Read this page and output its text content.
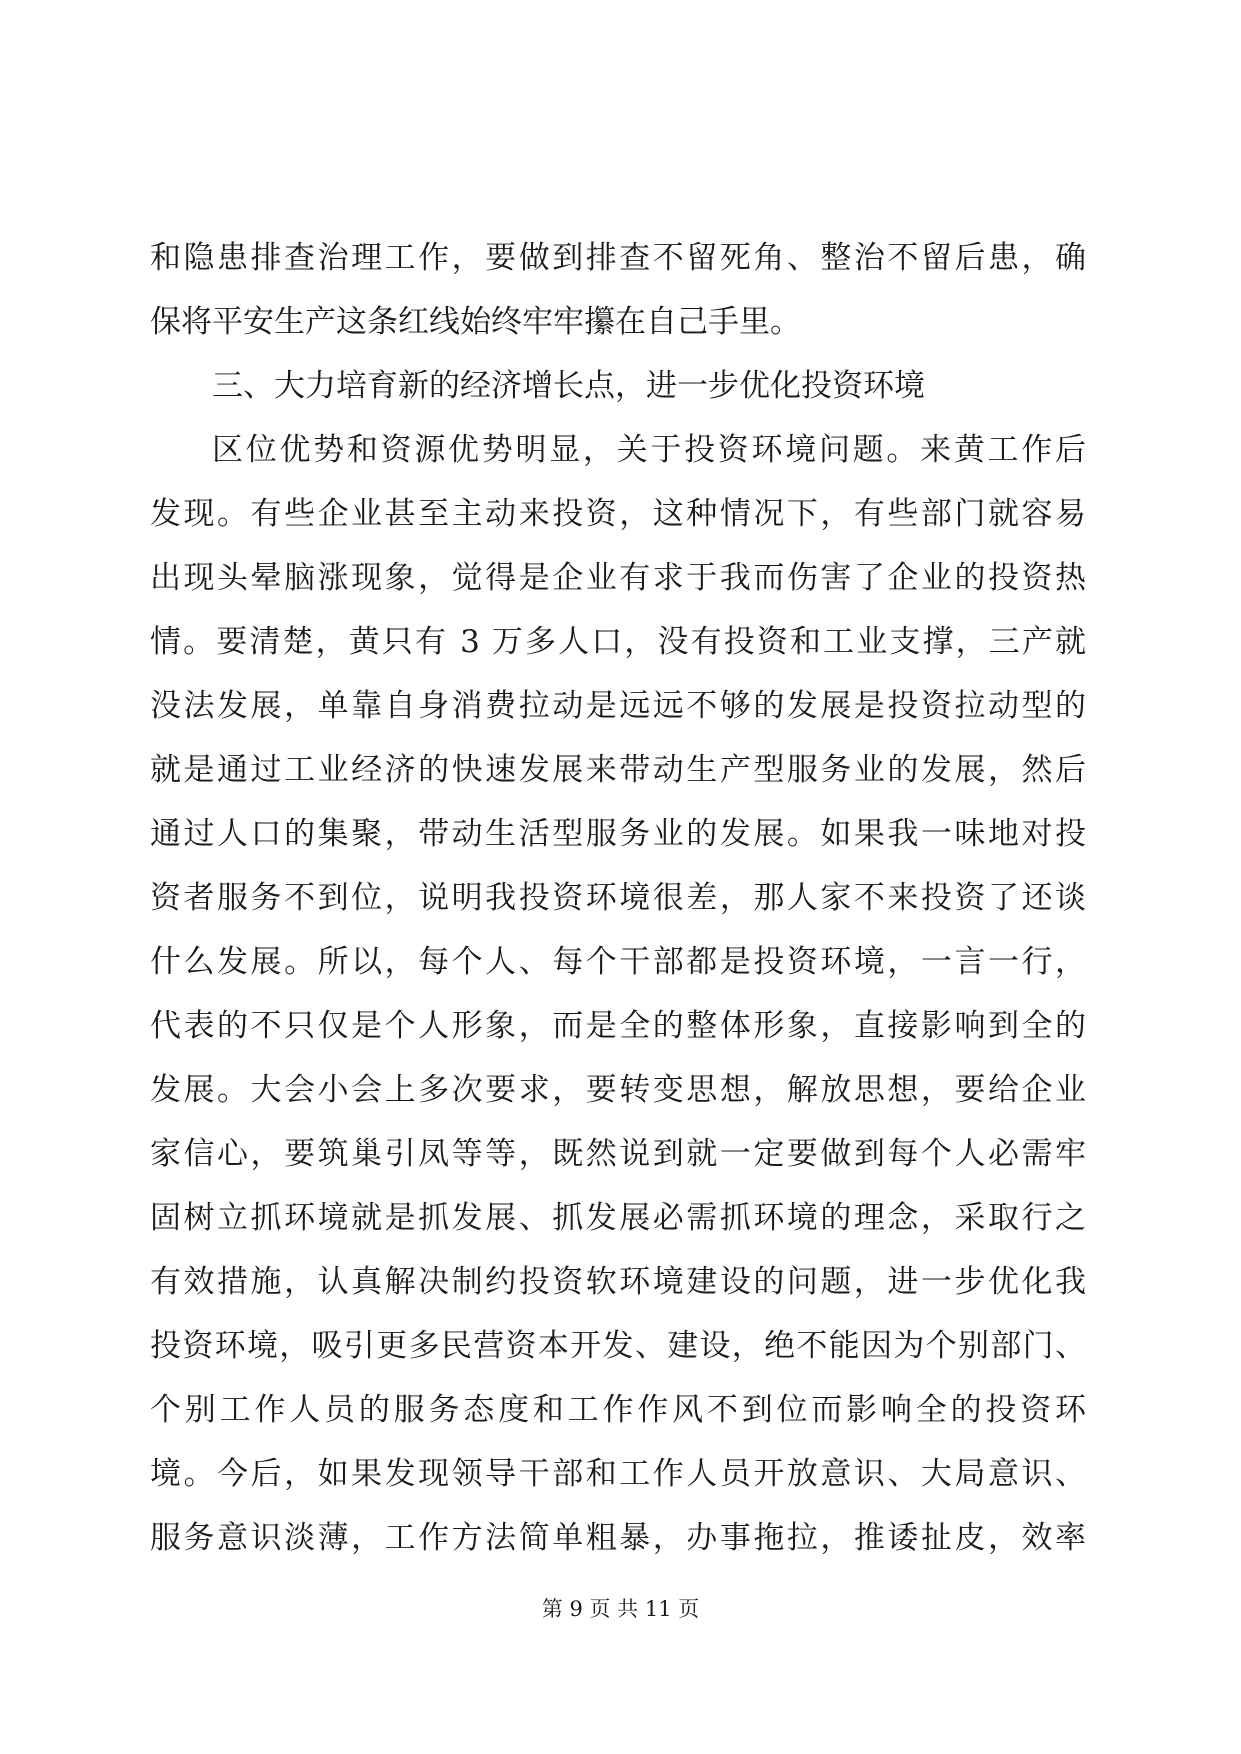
和隐患排查治理工作，要做到排查不留死角、整治不留后患，确
保将平安生产这条红线始终牢牢攥在自己手里。
三、大力培育新的经济增长点，进一步优化投资环境
区位优势和资源优势明显，关于投资环境问题。来黄工作后
发现。有些企业甚至主动来投资，这种情况下，有些部门就容易
出现头晕脑涨现象，觉得是企业有求于我而伤害了企业的投资热
情。要清楚，黄只有 3 万多人口，没有投资和工业支撑，三产就
没法发展，单靠自身消费拉动是远远不够的发展是投资拉动型的
就是通过工业经济的快速发展来带动生产型服务业的发展，然后
通过人口的集聚，带动生活型服务业的发展。如果我一味地对投
资者服务不到位，说明我投资环境很差，那人家不来投资了还谈
什么发展。所以，每个人、每个干部都是投资环境，一言一行，
代表的不只仅是个人形象，而是全的整体形象，直接影响到全的
发展。大会小会上多次要求，要转变思想，解放思想，要给企业
家信心，要筑巢引凤等等，既然说到就一定要做到每个人必需牢
固树立抓环境就是抓发展、抓发展必需抓环境的理念，采取行之
有效措施，认真解决制约投资软环境建设的问题，进一步优化我
投资环境，吸引更多民营资本开发、建设，绝不能因为个别部门、
个别工作人员的服务态度和工作作风不到位而影响全的投资环
境。今后，如果发现领导干部和工作人员开放意识、大局意识、
服务意识淡薄，工作方法简单粗暴，办事拖拉，推诿扯皮，效率
第 9 页 共 11 页
